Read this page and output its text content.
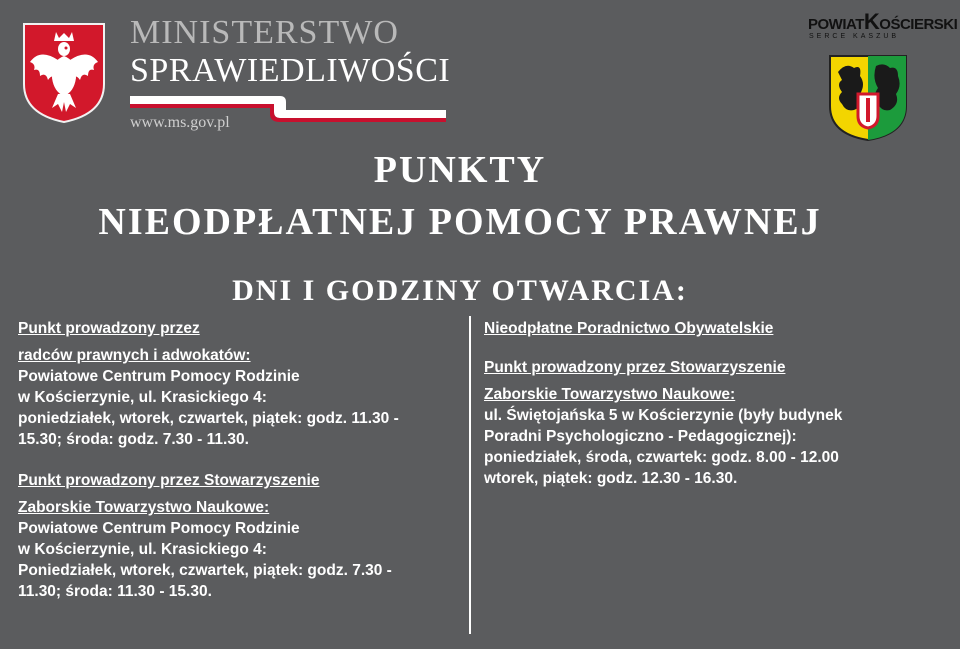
MINISTERSTWO
SPRAWIEDLIWOŚCI
www.ms.gov.pl
POWIATKOŚCIERSKI
SERCE KASZUB
PUNKTY
NIEODPŁATNEJ POMOCY PRAWNEJ
DNI I GODZINY OTWARCIA:
Punkt prowadzony przez
radców prawnych i adwokatów:

Powiatowe Centrum Pomocy Rodzinie

w Kościerzynie, ul. Krasickiego 4:

poniedziałek, wtorek, czwartek, piątek: godz. 11.30 -

15.30; środa: godz. 7.30 - 11.30.

Punkt prowadzony przez Stowarzyszenie
Zaborskie Towarzystwo Naukowe:

Powiatowe Centrum Pomocy Rodzinie

w Kościerzynie, ul. Krasickiego 4:

Poniedziałek, wtorek, czwartek, piątek: godz. 7.30 -

11.30; środa: 11.30 - 15.30.

Nieodpłatne Poradnictwo Obywatelskie
Punkt prowadzony przez Stowarzyszenie
Zaborskie Towarzystwo Naukowe:

ul. Świętojańska 5 w Kościerzynie (były budynek

Poradni Psychologiczno - Pedagogicznej):

poniedziałek, środa, czwartek: godz. 8.00 - 12.00

wtorek, piątek: godz. 12.30 - 16.30.
